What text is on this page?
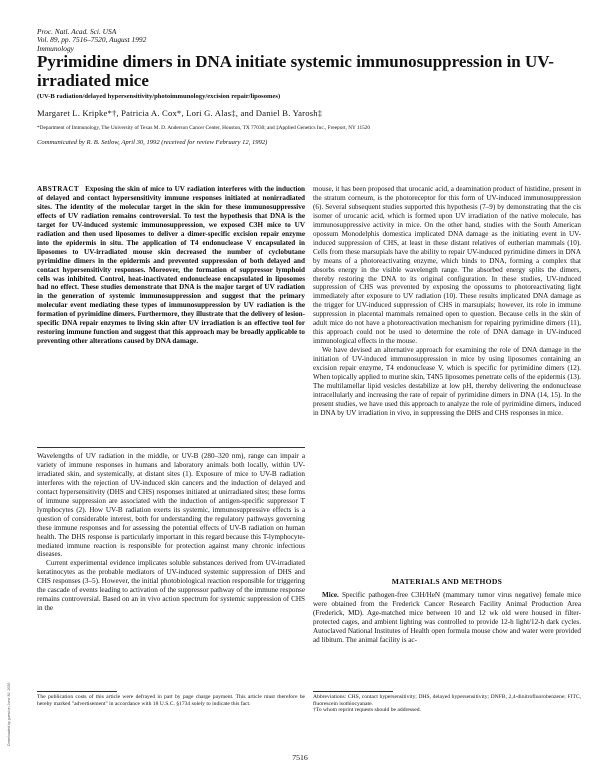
Proc. Natl. Acad. Sci. USA
Vol. 89, pp. 7516–7520, August 1992
Immunology
Pyrimidine dimers in DNA initiate systemic immunosuppression in UV-irradiated mice
(UV-B radiation/delayed hypersensitivity/photoimmunology/excision repair/liposomes)
Margaret L. Kripke*†, Patricia A. Cox*, Lori G. Alas‡, and Daniel B. Yarosh‡
*Department of Immunology, The University of Texas M. D. Anderson Cancer Center, Houston, TX 77030; and ‡Applied Genetics Inc., Freeport, NY 11520
Communicated by R. B. Setlow, April 30, 1992 (received for review February 12, 1992)

ABSTRACT Exposing the skin of mice to UV radiation interferes with the induction of delayed and contact hypersensitivity immune responses initiated at nonirradiated sites. The identity of the molecular target in the skin for these immunosuppressive effects of UV radiation remains controversial. To test the hypothesis that DNA is the target for UV-induced systemic immunosuppression, we exposed C3H mice to UV radiation and then used liposomes to deliver a dimer-specific excision repair enzyme into the epidermis in situ. The application of T4 endonuclease V encapsulated in liposomes to UV-irradiated mouse skin decreased the number of cyclobutane pyrimidine dimers in the epidermis and prevented suppression of both delayed and contact hypersensitivity responses. Moreover, the formation of suppressor lymphoid cells was inhibited. Control, heat-inactivated endonuclease encapsulated in liposomes had no effect. These studies demonstrate that DNA is the major target of UV radiation in the generation of systemic immunosuppression and suggest that the primary molecular event mediating these types of immunosuppression by UV radiation is the formation of pyrimidine dimers. Furthermore, they illustrate that the delivery of lesion-specific DNA repair enzymes to living skin after UV irradiation is an effective tool for restoring immune function and suggest that this approach may be broadly applicable to preventing other alterations caused by DNA damage.

Wavelengths of UV radiation in the middle, or UV-B (280–320 nm), range can impair a variety of immune responses in humans and laboratory animals both locally, within UV-irradiated skin, and systemically, at distant sites (1). Exposure of mice to UV-B radiation interferes with the rejection of UV-induced skin cancers and the induction of delayed and contact hypersensitivity (DHS and CHS) responses initiated at unirradiated sites; these forms of immune suppression are associated with the induction of antigen-specific suppressor T lymphocytes (2). How UV-B radiation exerts its systemic, immunosuppressive effects is a question of considerable interest, both for understanding the regulatory pathways governing these immune responses and for assessing the potential effects of UV-B radiation on human health. The DHS response is particularly important in this regard because this T-lymphocyte-mediated immune reaction is responsible for protection against many chronic infectious diseases.

Current experimental evidence implicates soluble substances derived from UV-irradiated keratinocytes as the probable mediators of UV-induced systemic suppression of DHS and CHS responses (3–5). However, the initial photobiological reaction responsible for triggering the cascade of events leading to activation of the suppressor pathway of the immune response remains controversial. Based on an in vivo action spectrum for systemic suppression of CHS in the

The publication costs of this article were defrayed in part by page charge payment. This article must therefore be hereby marked "advertisement" in accordance with 18 U.S.C. §1734 solely to indicate this fact.

mouse, it has been proposed that urocanic acid, a deamination product of histidine, present in the stratum corneum, is the photoreceptor for this form of UV-induced immunosuppression (6). Several subsequent studies supported this hypothesis (7–9) by demonstrating that the cis isomer of urocanic acid, which is formed upon UV irradiation of the native molecule, has immunosuppressive activity in mice. On the other hand, studies with the South American opossum Monodelphis domestica implicated DNA damage as the initiating event in UV-induced suppression of CHS, at least in these distant relatives of eutherian mammals (10). Cells from these marsupials have the ability to repair UV-induced pyrimidine dimers in DNA by means of a photoreactivating enzyme, which binds to DNA, forming a complex that absorbs energy in the visible wavelength range. The absorbed energy splits the dimers, thereby restoring the DNA to its original configuration. In these studies, UV-induced suppression of CHS was prevented by exposing the opossums to photoreactivating light immediately after exposure to UV radiation (10). These results implicated DNA damage as the trigger for UV-induced suppression of CHS in marsupials; however, its role in immune suppression in placental mammals remained open to question. Because cells in the skin of adult mice do not have a photoreactivation mechanism for repairing pyrimidine dimers (11), this approach could not be used to determine the role of DNA damage in UV-induced immunological effects in the mouse.

We have devised an alternative approach for examining the role of DNA damage in the initiation of UV-induced immunosuppression in mice by using liposomes containing an excision repair enzyme, T4 endonuclease V, which is specific for pyrimidine dimers (12). When topically applied to murine skin, T4N5 liposomes penetrate cells of the epidermis (13). The multilamellar lipid vesicles destabilize at low pH, thereby delivering the endonuclease intracellularly and increasing the rate of repair of pyrimidine dimers in DNA (14, 15). In the present studies, we have used this approach to analyze the role of pyrimidine dimers, induced in DNA by UV irradiation in vivo, in suppressing the DHS and CHS responses in mice.

MATERIALS AND METHODS

Mice. Specific pathogen-free C3H/HeN (mammary tumor virus negative) female mice were obtained from the Frederick Cancer Research Facility Animal Production Area (Frederick, MD). Age-matched mice between 10 and 12 wk old were housed in filter-protected cages, and ambient lighting was controlled to provide 12-h light/12-h dark cycles. Autoclaved National Institutes of Health open formula mouse chow and water were provided ad libitum. The animal facility is ac-

Abbreviations: CHS, contact hypersensitivity; DHS, delayed hypersensitivity; DNFB, 2,4-dinitrofluorobenzene; FITC, fluorescein isothiocyanate.
†To whom reprint requests should be addressed.
7516
Downloaded by guest on June 30, 2020
